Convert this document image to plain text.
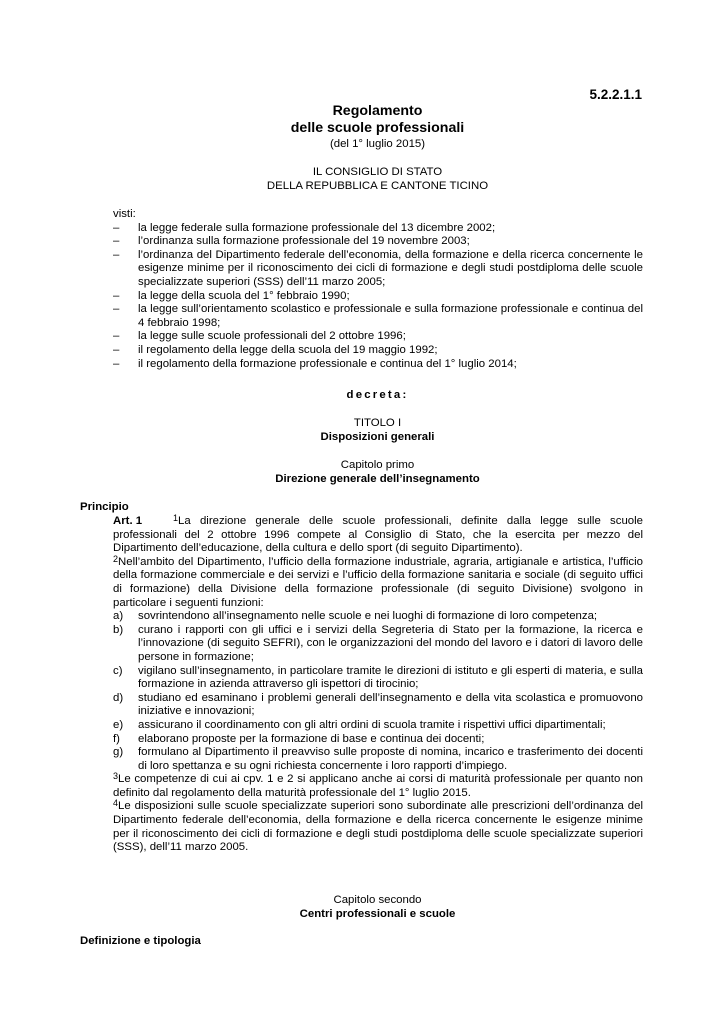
5.2.2.1.1
Regolamento
delle scuole professionali
(del 1° luglio 2015)
IL CONSIGLIO DI STATO
DELLA REPUBBLICA E CANTONE TICINO
visti:
– la legge federale sulla formazione professionale del 13 dicembre 2002;
– l’ordinanza sulla formazione professionale del 19 novembre 2003;
– l’ordinanza del Dipartimento federale dell’economia, della formazione e della ricerca concernente le esigenze minime per il riconoscimento dei cicli di formazione e degli studi postdiploma delle scuole specializzate superiori (SSS) dell’11 marzo 2005;
– la legge della scuola del 1° febbraio 1990;
– la legge sull’orientamento scolastico e professionale e sulla formazione professionale e continua del 4 febbraio 1998;
– la legge sulle scuole professionali del 2 ottobre 1996;
– il regolamento della legge della scuola del 19 maggio 1992;
– il regolamento della formazione professionale e continua del 1° luglio 2014;
decreta:
TITOLO I
Disposizioni generali
Capitolo primo
Direzione generale dell’insegnamento
Principio
Art. 1	$^1$La direzione generale delle scuole professionali, definite dalla legge sulle scuole professionali del 2 ottobre 1996 compete al Consiglio di Stato, che la esercita per mezzo del Dipartimento dell’educazione, della cultura e dello sport (di seguito Dipartimento).
$^2$Nell’ambito del Dipartimento, l’ufficio della formazione industriale, agraria, artigianale e artistica, l’ufficio della formazione commerciale e dei servizi e l’ufficio della formazione sanitaria e sociale (di seguito uffici di formazione) della Divisione della formazione professionale (di seguito Divisione) svolgono in particolare i seguenti funzioni:
a) sovrintendono all’insegnamento nelle scuole e nei luoghi di formazione di loro competenza;
b) curano i rapporti con gli uffici e i servizi della Segreteria di Stato per la formazione, la ricerca e l’innovazione (di seguito SEFRI), con le organizzazioni del mondo del lavoro e i datori di lavoro delle persone in formazione;
c) vigilano sull’insegnamento, in particolare tramite le direzioni di istituto e gli esperti di materia, e sulla formazione in azienda attraverso gli ispettori di tirocinio;
d) studiano ed esaminano i problemi generali dell’insegnamento e della vita scolastica e promuovono iniziative e innovazioni;
e) assicurano il coordinamento con gli altri ordini di scuola tramite i rispettivi uffici dipartimentali;
f) elaborano proposte per la formazione di base e continua dei docenti;
g) formulano al Dipartimento il preavviso sulle proposte di nomina, incarico e trasferimento dei docenti di loro spettanza e su ogni richiesta concernente i loro rapporti d’impiego.
$^3$Le competenze di cui ai cpv. 1 e 2 si applicano anche ai corsi di maturità professionale per quanto non definito dal regolamento della maturità professionale del 1° luglio 2015.
$^4$Le disposizioni sulle scuole specializzate superiori sono subordinate alle prescrizioni dell’ordinanza del Dipartimento federale dell’economia, della formazione e della ricerca concernente le esigenze minime per il riconoscimento dei cicli di formazione e degli studi postdiploma delle scuole specializzate superiori (SSS), dell’11 marzo 2005.
Capitolo secondo
Centri professionali e scuole
Definizione e tipologia
